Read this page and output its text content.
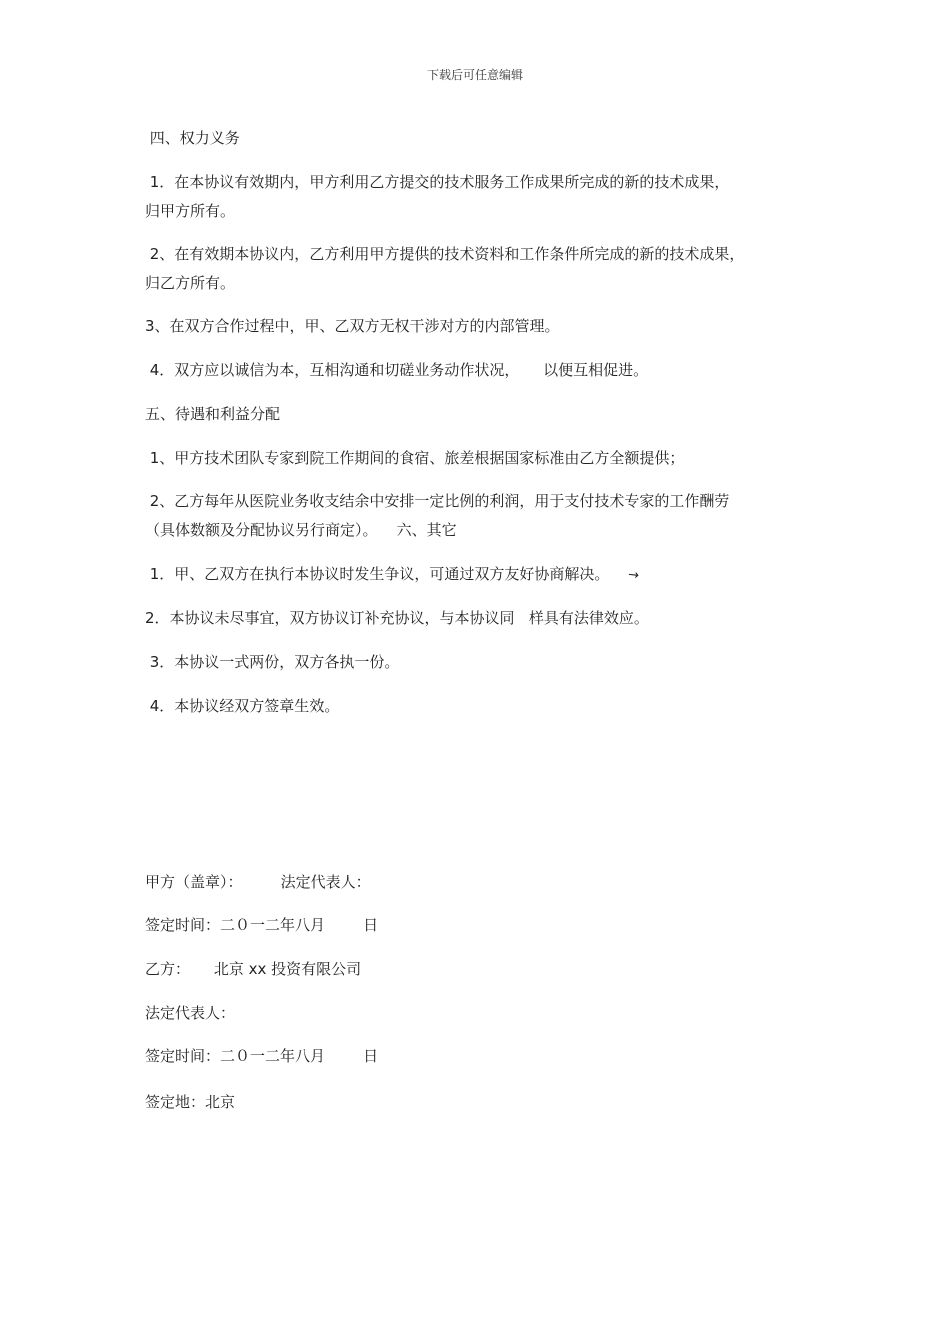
下载后可任意编辑
四、权力义务
1．在本协议有效期内，甲方利用乙方提交的技术服务工作成果所完成的新的技术成果，
归甲方所有。
2、在有效期本协议内，乙方利用甲方提供的技术资料和工作条件所完成的新的技术成果，
归乙方所有。
3、在双方合作过程中，甲、乙双方无权干涉对方的内部管理。
4．双方应以诚信为本，互相沟通和切磋业务动作状况，     以便互相促进。
五、待遇和利益分配
1、甲方技术团队专家到院工作期间的食宿、旅差根据国家标准由乙方全额提供；
2、乙方每年从医院业务收支结余中安排一定比例的利润，用于支付技术专家的工作酬劳
（具体数额及分配协议另行商定）。    六、其它
1．甲、乙双方在执行本协议时发生争议，可通过双方友好协商解决。    →
2．本协议未尽事宜，双方协议订补充协议，与本协议同   样具有法律效应。
3．本协议一式两份，双方各执一份。
4．本协议经双方签章生效。
甲方（盖章）：        法定代表人：
签定时间：二０一二年八月        日
乙方：     北京 xx 投资有限公司
法定代表人：
签定时间：二０一二年八月        日
签定地：北京
